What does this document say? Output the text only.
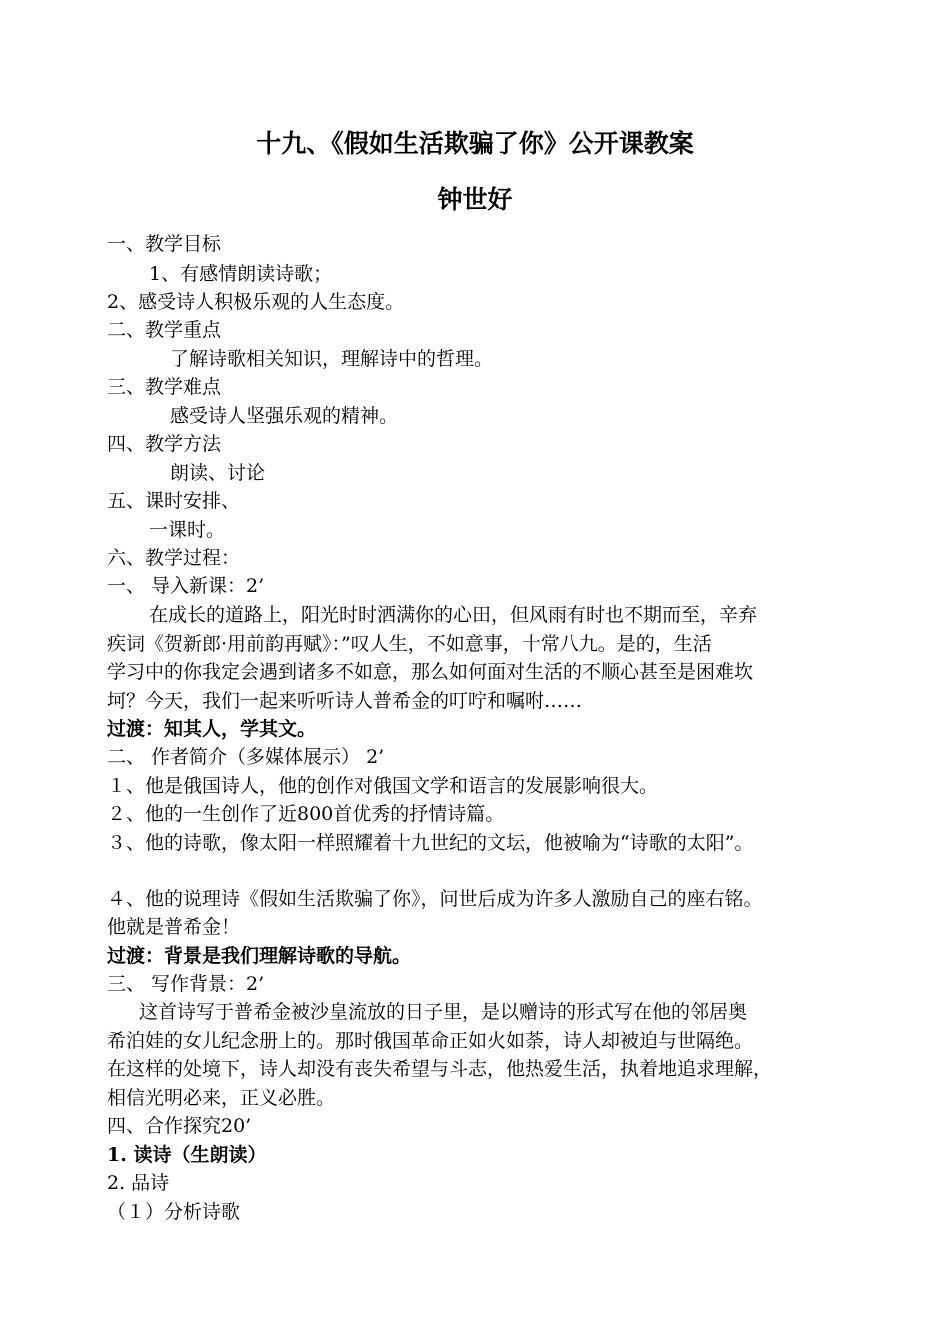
十九、《假如生活欺骗了你》公开课教案
钟世好
一、教学目标
1、有感情朗读诗歌；
2、感受诗人积极乐观的人生态度。
二、教学重点
了解诗歌相关知识，理解诗中的哲理。
三、教学难点
感受诗人坚强乐观的精神。
四、教学方法
朗读、讨论
五、课时安排、
一课时。
六、教学过程：
一、 导入新课：2’
在成长的道路上，阳光时时洒满你的心田，但风雨有时也不期而至，辛弃
疾词《贺新郎·用前韵再赋》：”叹人生，不如意事，十常八九。是的，生活
学习中的你我定会遇到诸多不如意，那么如何面对生活的不顺心甚至是困难坎
坷？今天，我们一起来听听诗人普希金的叮咛和嘱咐……
过渡：知其人，学其文。
二、 作者简介（多媒体展示） 2’
１、他是俄国诗人，他的创作对俄国文学和语言的发展影响很大。
２、他的一生创作了近800首优秀的抒情诗篇。
３、他的诗歌，像太阳一样照耀着十九世纪的文坛，他被喻为“诗歌的太阳”。
４、他的说理诗《假如生活欺骗了你》，问世后成为许多人激励自己的座右铭。
他就是普希金！
过渡：背景是我们理解诗歌的导航。
三、 写作背景：2’
这首诗写于普希金被沙皇流放的日子里，是以赠诗的形式写在他的邻居奥
希泊娃的女儿纪念册上的。那时俄国革命正如火如荼，诗人却被迫与世隔绝。
在这样的处境下，诗人却没有丧失希望与斗志，他热爱生活，执着地追求理解，
相信光明必来，正义必胜。
四、合作探究20’
1. 读诗（生朗读）
2. 品诗
（１）分析诗歌
